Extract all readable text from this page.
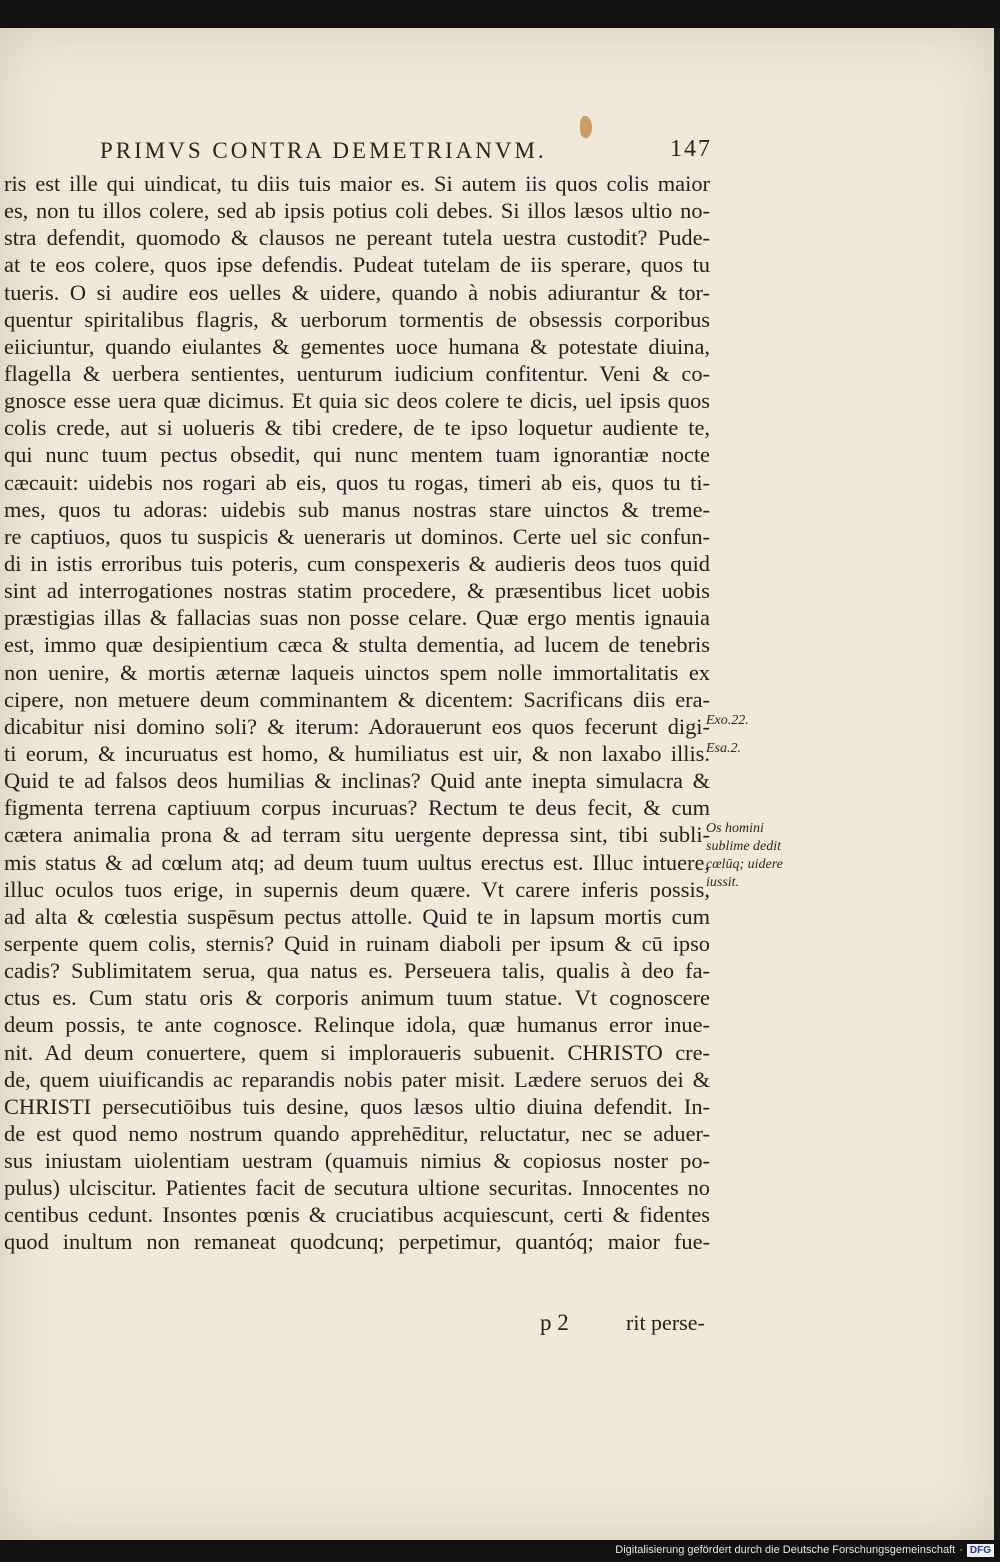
PRIMVS CONTRA DEMETRIANVM.	147
ris est ille qui uindicat, tu diis tuis maior es. Si autem iis quos colis maior
es, non tu illos colere, sed ab ipsis potius coli debes. Si illos læsos ultio no-
stra defendit, quomodo & clausos ne pereant tutela uestra custodit? Pude-
at te eos colere, quos ipse defendis. Pudeat tutelam de iis sperare, quos tu
tueris. O si audire eos uelles & uidere, quando à nobis adiurantur & tor-
quentur spiritalibus flagris, & uerborum tormentis de obsessis corporibus
eiiciuntur, quando eiulantes & gementes uoce humana & potestate diuina,
flagella & uerbera sentientes, uenturum iudicium confitentur. Veni & co-
gnosce esse uera quæ dicimus. Et quia sic deos colere te dicis, uel ipsis quos
colis crede, aut si uolueris & tibi credere, de te ipso loquetur audiente te,
qui nunc tuum pectus obsedit, qui nunc mentem tuam ignorantiæ nocte
cæcauit: uidebis nos rogari ab eis, quos tu rogas, timeri ab eis, quos tu ti-
mes, quos tu adoras: uidebis sub manus nostras stare uinctos & treme-
re captiuos, quos tu suspicis & uenerаris ut dominos. Certe uel sic confun-
di in istis erroribus tuis poteris, cum conspexeris & audieris deos tuos quid
sint ad interrogationes nostras statim procedere, & præsentibus licet uobis
præstigias illas & fallacias suas non posse celare. Quæ ergo mentis ignauia
est, immo quæ desipientium cæca & stulta dementia, ad lucem de tenebris
non uenire, & mortis æternæ laqueis uinctos spem nolle immortalitatis ex
cipere, non metuere deum comminantem & dicentem: Sacrificans diis era-
dicabitur nisi domino soli? & iterum: Adorauerunt eos quos fecerunt digi-
ti eorum, & incuruatus est homo, & humiliatus est uir, & non laxabo illis.
Quid te ad falsos deos humilias & inclinas? Quid ante inepta simulacra &
figmenta terrena captiuum corpus incuruas? Rectum te deus fecit, & cum
cætera animalia prona & ad terram situ uergente depressa sint, tibi subli-
mis status & ad cœlum atq; ad deum tuum uultus erectus est. Illuc intuere,
illuc oculos tuos erige, in supernis deum quære. Vt carere inferis possis,
ad alta & cœlestia suspēsum pectus attolle. Quid te in lapsum mortis cum
serpente quem colis, sternis? Quid in ruinam diaboli per ipsum & cū ipso
cadis? Sublimitatem serua, qua natus es. Perseuera talis, qualis à deo fa-
ctus es. Cum statu oris & corporis animum tuum statue. Vt cognoscere
deum possis, te ante cognosce. Relinque idola, quæ humanus error inue-
nit. Ad deum conuertere, quem si imploraueris subuenit. CHRISTO cre-
de, quem uiuificandis ac reparandis nobis pater misit. Lædere seruos dei &
CHRISTI persecutiōibus tuis desine, quos læsos ultio diuina defendit. In-
de est quod nemo nostrum quando apprehēditur, reluctatur, nec se aduer-
sus iniustam uiolentiam uestram (quamuis nimius & copiosus noster po-
pulus) ulciscitur. Patientes facit de secutura ultione securitas. Innocentes no
centibus cedunt. Insontes pœnis & cruciatibus acquiescunt, certi & fidentes
quod inultum non remaneat quodcunq; perpetimur, quantóq; maior fue-
Exo.22.
Esa.2.
Os homini
sublime dedit
cœlūq; uidere
iussit.
p 2	rit perse-
Digitalisierung gefördert durch die Deutsche Forschungsgemeinschaft · DFG
